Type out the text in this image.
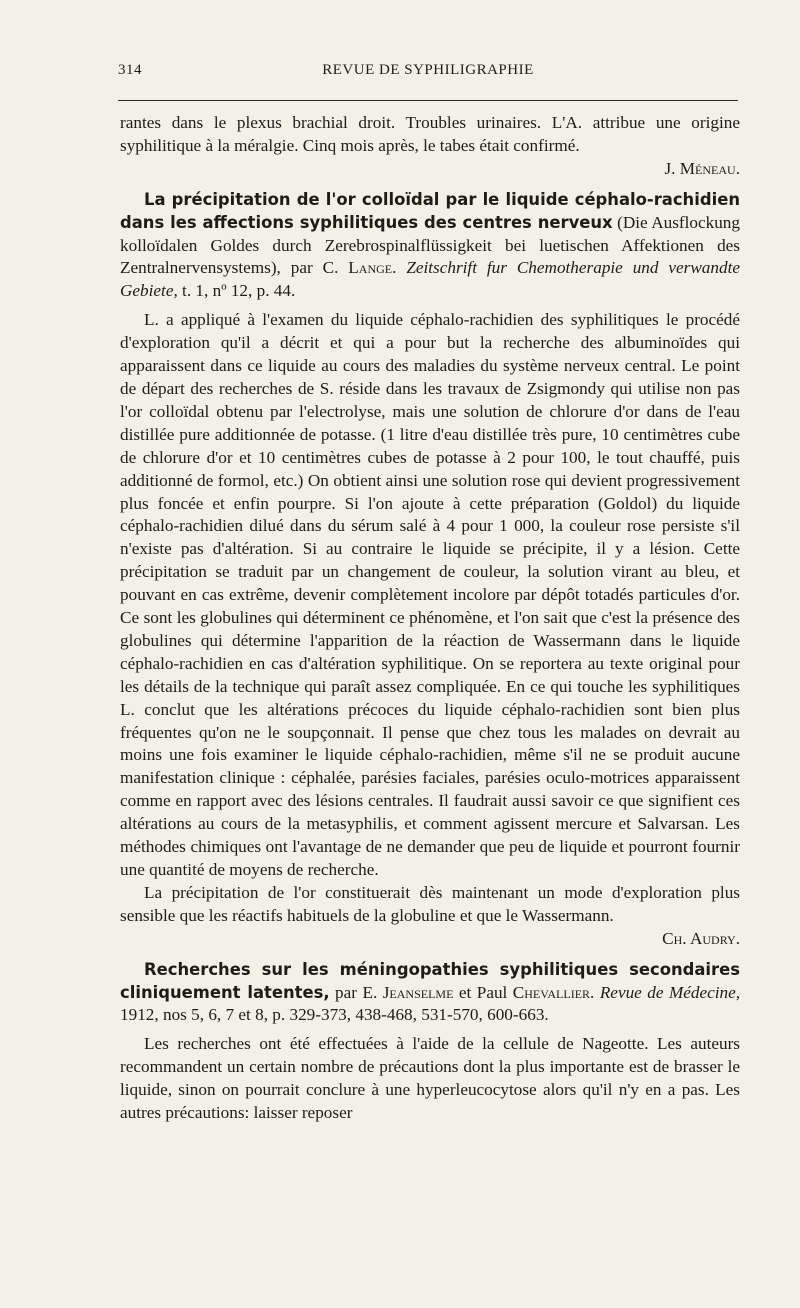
314	REVUE DE SYPHILIGRAPHIE

rantes dans le plexus brachial droit. Troubles urinaires. L'A. attribue une origine syphilitique à la méralgie. Cinq mois après, le tabes était confirmé.

J. Méneau.

La précipitation de l'or colloïdal par le liquide céphalo-rachidien dans les affections syphilitiques des centres nerveux (Die Ausflockung kolloïdalen Goldes durch Zerebrospinalflüssigkeit bei luetischen Affektionen des Zentralnervensystems), par C. Lange. Zeitschrift fur Chemotherapie und verwandte Gebiete, t. 1, nº 12, p. 44.

L. a appliqué à l'examen du liquide céphalo-rachidien des syphilitiques le procédé d'exploration qu'il a décrit et qui a pour but la recherche des albuminoïdes qui apparaissent dans ce liquide au cours des maladies du système nerveux central. Le point de départ des recherches de S. réside dans les travaux de Zsigmondy qui utilise non pas l'or colloïdal obtenu par l'electrolyse, mais une solution de chlorure d'or dans de l'eau distillée pure additionnée de potasse. (1 litre d'eau distillée très pure, 10 centimètres cube de chlorure d'or et 10 centimètres cubes de potasse à 2 pour 100, le tout chauffé, puis additionné de formol, etc.) On obtient ainsi une solution rose qui devient progressivement plus foncée et enfin pourpre. Si l'on ajoute à cette préparation (Goldol) du liquide céphalo-rachidien dilué dans du sérum salé à 4 pour 1 000, la couleur rose persiste s'il n'existe pas d'altération. Si au contraire le liquide se précipite, il y a lésion. Cette précipitation se traduit par un changement de couleur, la solution virant au bleu, et pouvant en cas extrême, devenir complètement incolore par dépôt totadés particules d'or. Ce sont les globulines qui déterminent ce phénomène, et l'on sait que c'est la présence des globulines qui détermine l'apparition de la réaction de Wassermann dans le liquide céphalo-rachidien en cas d'altération syphilitique. On se reportera au texte original pour les détails de la technique qui paraît assez compliquée. En ce qui touche les syphilitiques L. conclut que les altérations précoces du liquide céphalo-rachidien sont bien plus fréquentes qu'on ne le soupçonnait. Il pense que chez tous les malades on devrait au moins une fois examiner le liquide céphalo-rachidien, même s'il ne se produit aucune manifestation clinique : céphalée, parésies faciales, parésies oculo-motrices apparaissent comme en rapport avec des lésions centrales. Il faudrait aussi savoir ce que signifient ces altérations au cours de la metasyphilis, et comment agissent mercure et Salvarsan. Les méthodes chimiques ont l'avantage de ne demander que peu de liquide et pourront fournir une quantité de moyens de recherche.

La précipitation de l'or constituerait dès maintenant un mode d'exploration plus sensible que les réactifs habituels de la globuline et que le Wassermann.

Ch. Audry.

Recherches sur les méningopathies syphilitiques secondaires cliniquement latentes, par E. Jeanselme et Paul Chevallier. Revue de Médecine, 1912, nos 5, 6, 7 et 8, p. 329-373, 438-468, 531-570, 600-663.

Les recherches ont été effectuées à l'aide de la cellule de Nageotte. Les auteurs recommandent un certain nombre de précautions dont la plus importante est de brasser le liquide, sinon on pourrait conclure à une hyperleucocytose alors qu'il n'y en a pas. Les autres précautions: laisser reposer
